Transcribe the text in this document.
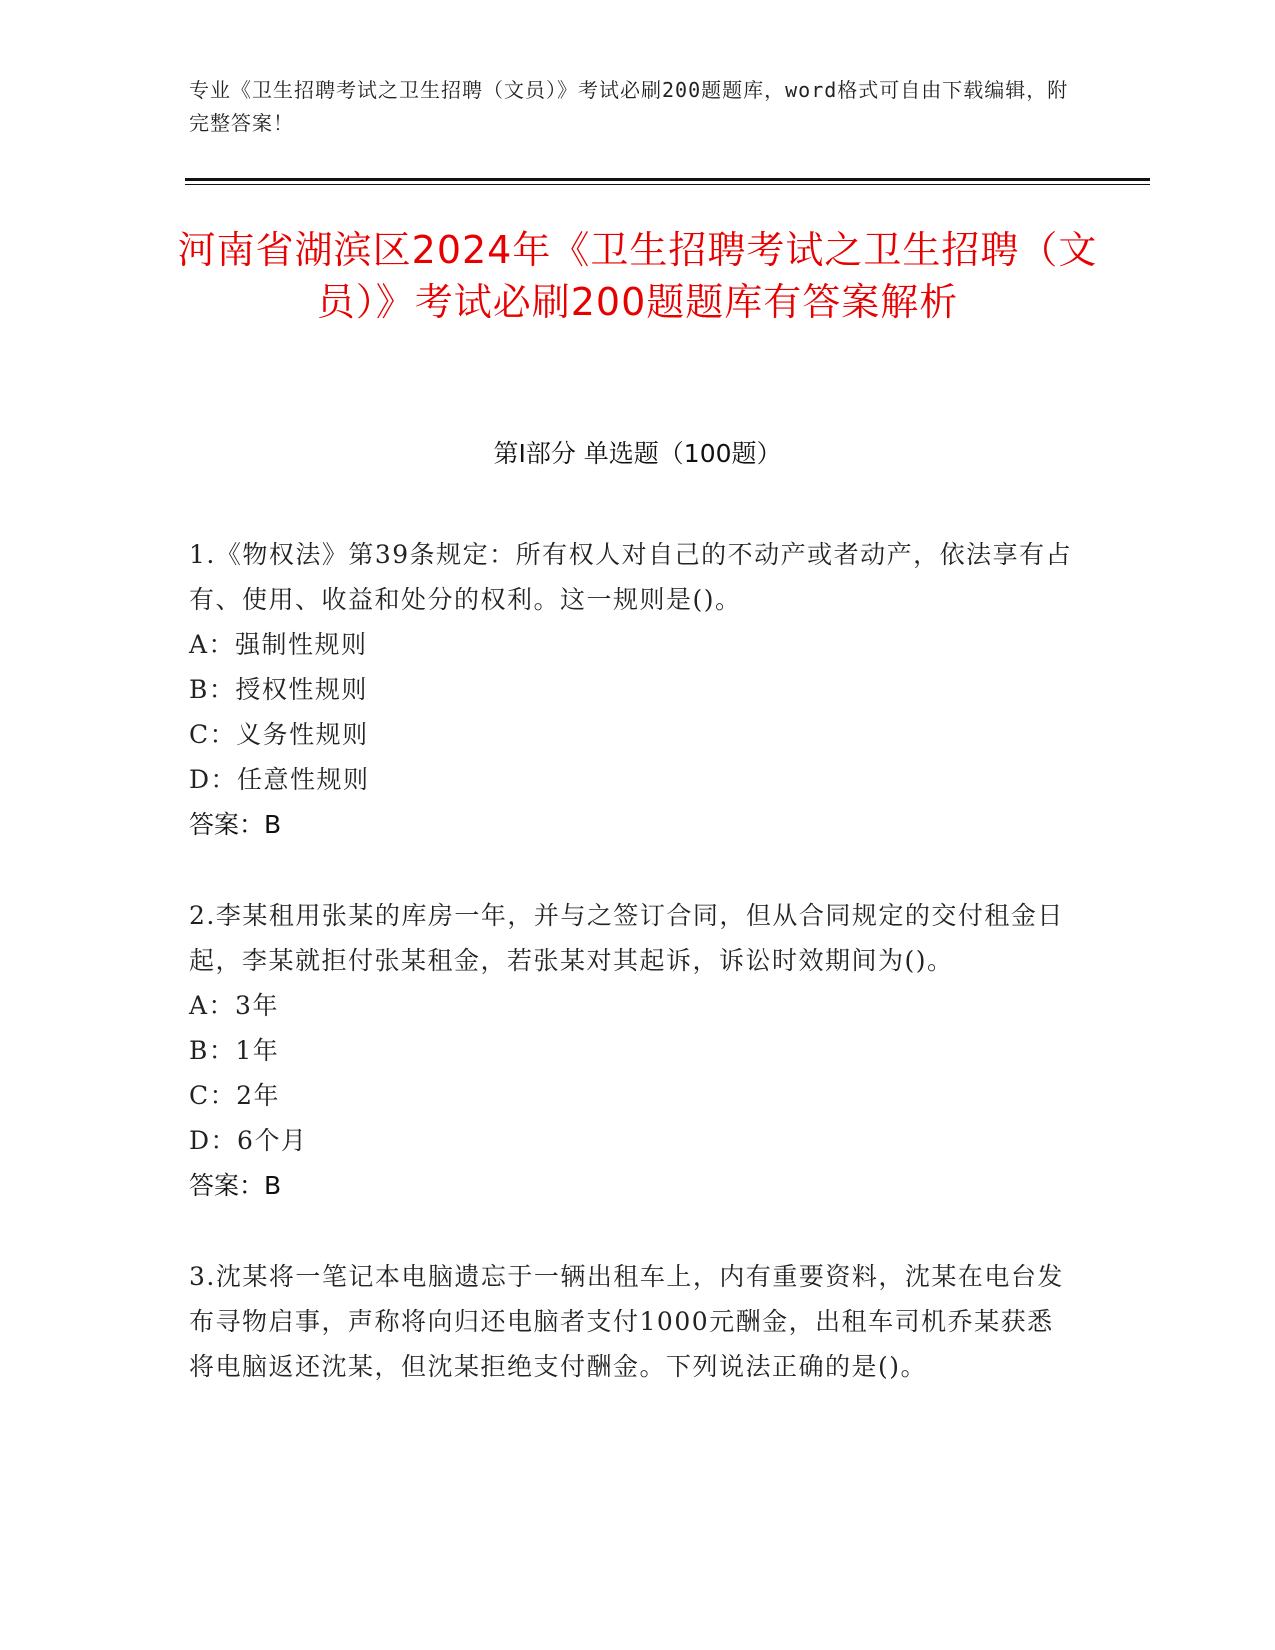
专业《卫生招聘考试之卫生招聘（文员）》考试必刷200题题库，word格式可自由下载编辑，附完整答案！
河南省湖滨区2024年《卫生招聘考试之卫生招聘（文员）》考试必刷200题题库有答案解析
第Ⅰ部分 单选题（100题）

1.《物权法》第39条规定：所有权人对自己的不动产或者动产，依法享有占有、使用、收益和处分的权利。这一规则是()。

A：强制性规则

B：授权性规则

C：义务性规则

D：任意性规则

答案：B

2.李某租用张某的库房一年，并与之签订合同，但从合同规定的交付租金日起，李某就拒付张某租金，若张某对其起诉，诉讼时效期间为()。

A：3年

B：1年

C：2年

D：6个月

答案：B

3.沈某将一笔记本电脑遗忘于一辆出租车上，内有重要资料，沈某在电台发布寻物启事，声称将向归还电脑者支付1000元酬金，出租车司机乔某获悉将电脑返还沈某，但沈某拒绝支付酬金。下列说法正确的是()。
